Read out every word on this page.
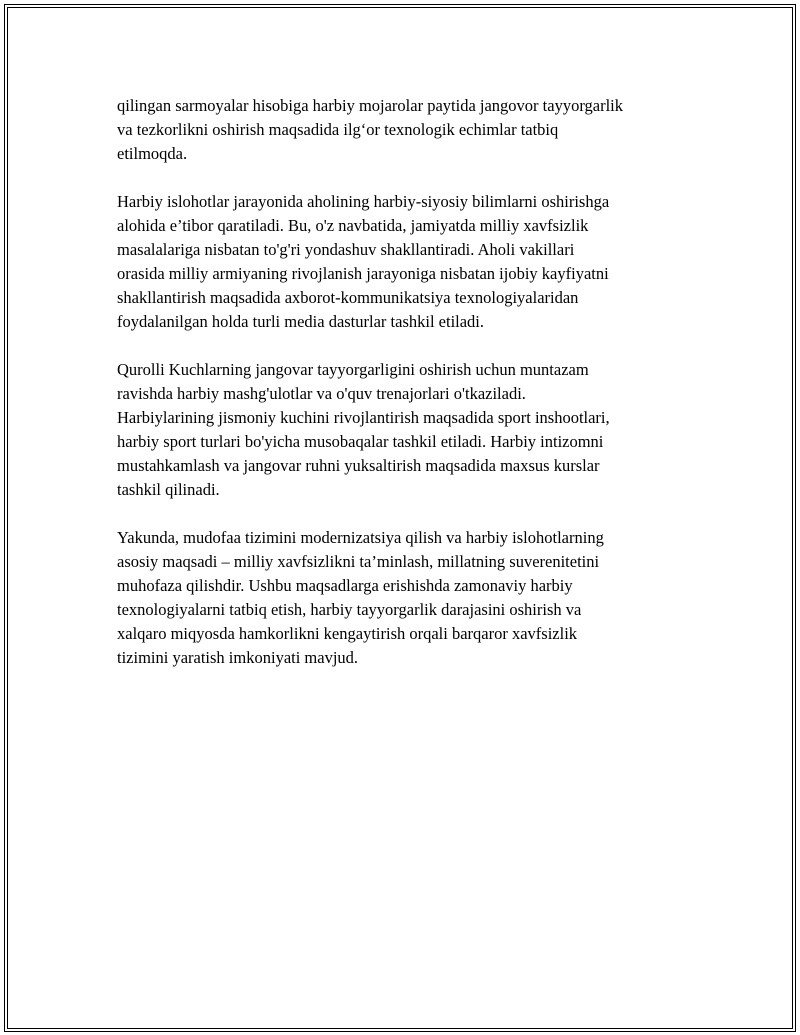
qilingan sarmoyalar hisobiga harbiy mojarolar paytida jangovor tayyorgarlik
va tezkorlikni oshirish maqsadida ilg‘or texnologik echimlar tatbiq
etilmoqda.

Harbiy islohotlar jarayonida aholining harbiy-siyosiy bilimlarni oshirishga
alohida e’tibor qaratiladi. Bu, o'z navbatida, jamiyatda milliy xavfsizlik
masalalariga nisbatan to'g'ri yondashuv shakllantiradi. Aholi vakillari
orasida milliy armiyaning rivojlanish jarayoniga nisbatan ijobiy kayfiyatni
shakllantirish maqsadida axborot-kommunikatsiya texnologiyalaridan
foydalanilgan holda turli media dasturlar tashkil etiladi.

Qurolli Kuchlarning jangovar tayyorgarligini oshirish uchun muntazam
ravishda harbiy mashg'ulotlar va o'quv trenajorlari o'tkaziladi.
Harbiylarining jismoniy kuchini rivojlantirish maqsadida sport inshootlari,
harbiy sport turlari bo'yicha musobaqalar tashkil etiladi. Harbiy intizomni
mustahkamlash va jangovar ruhni yuksaltirish maqsadida maxsus kurslar
tashkil qilinadi.

Yakunda, mudofaa tizimini modernizatsiya qilish va harbiy islohotlarning
asosiy maqsadi – milliy xavfsizlikni ta’minlash, millatning suverenitetini
muhofaza qilishdir. Ushbu maqsadlarga erishishda zamonaviy harbiy
texnologiyalarni tatbiq etish, harbiy tayyorgarlik darajasini oshirish va
xalqaro miqyosda hamkorlikni kengaytirish orqali barqaror xavfsizlik
tizimini yaratish imkoniyati mavjud.
